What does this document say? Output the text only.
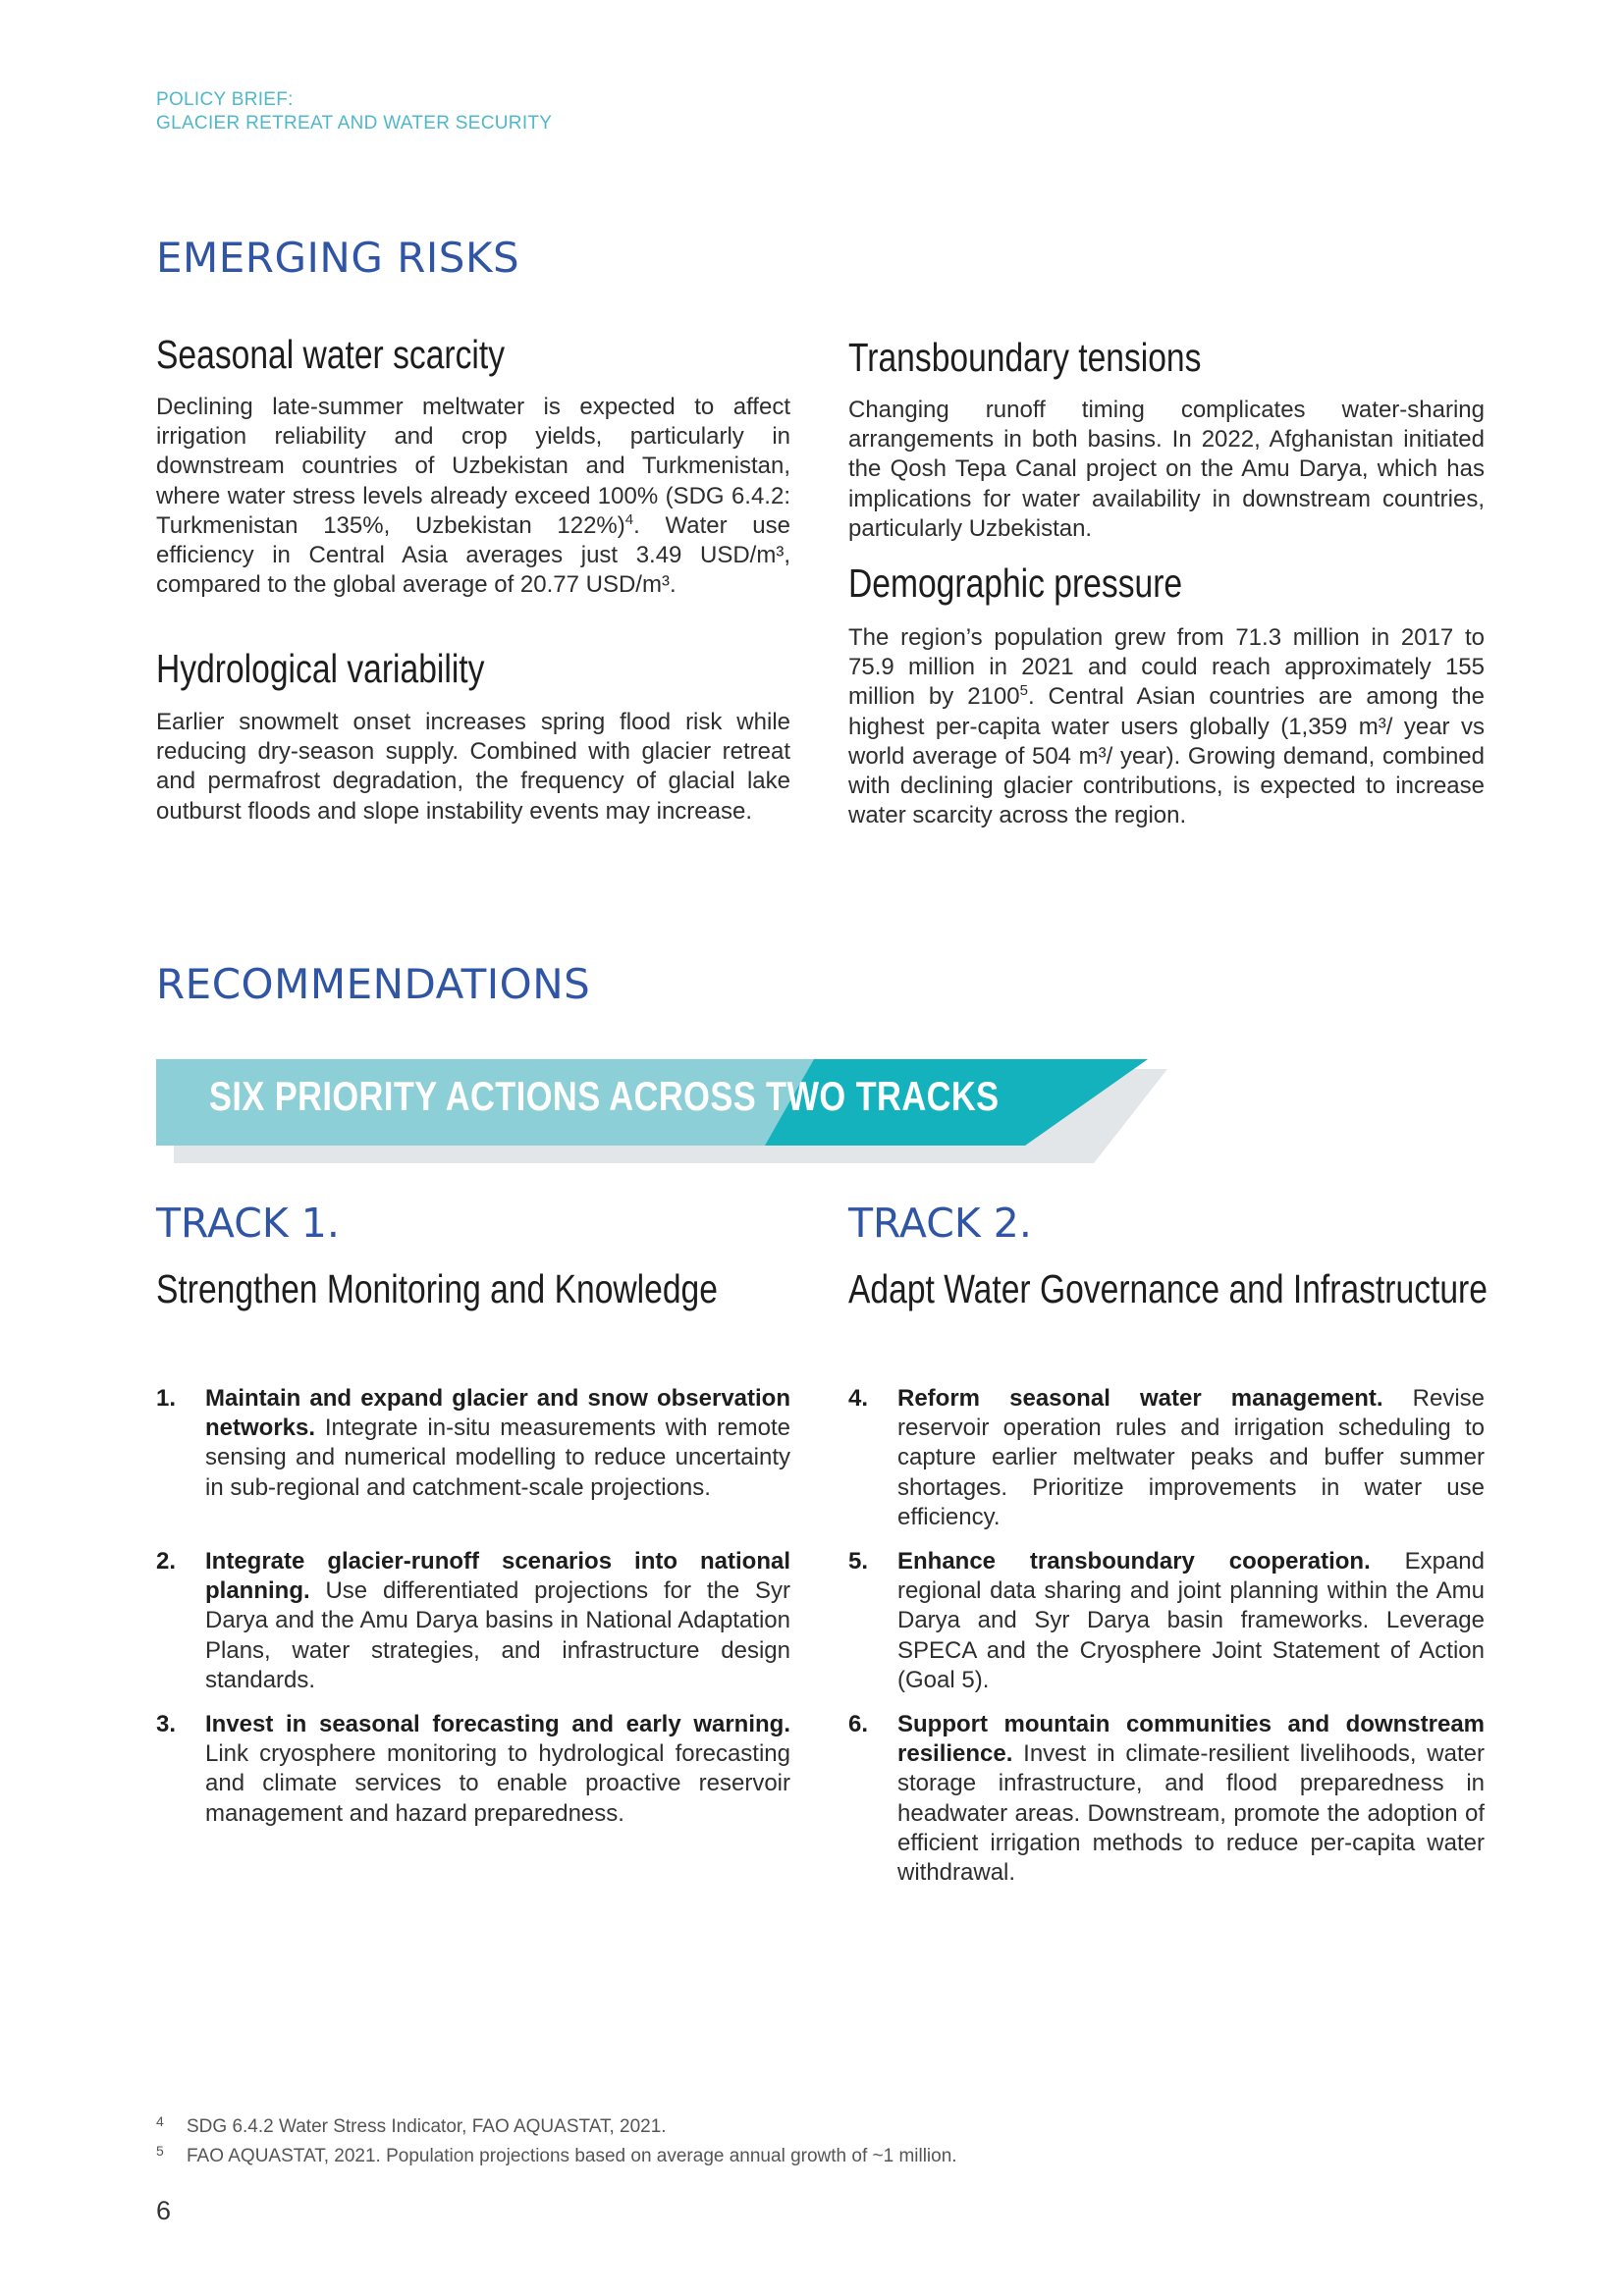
POLICY BRIEF:
GLACIER RETREAT AND WATER SECURITY
EMERGING RISKS
Seasonal water scarcity
Declining late-summer meltwater is expected to affect irrigation reliability and crop yields, particularly in downstream countries of Uzbekistan and Turkmenistan, where water stress levels already exceed 100% (SDG 6.4.2: Turkmenistan 135%, Uzbekistan 122%)$^4$. Water use efficiency in Central Asia averages just 3.49 USD/m³, compared to the global average of 20.77 USD/m³.
Hydrological variability
Earlier snowmelt onset increases spring flood risk while reducing dry-season supply. Combined with glacier retreat and permafrost degradation, the frequency of glacial lake outburst floods and slope instability events may increase.
Transboundary tensions
Changing runoff timing complicates water-sharing arrangements in both basins. In 2022, Afghanistan initiated the Qosh Tepa Canal project on the Amu Darya, which has implications for water availability in downstream countries, particularly Uzbekistan.
Demographic pressure
The region’s population grew from 71.3 million in 2017 to 75.9 million in 2021 and could reach approximately 155 million by 2100$^5$. Central Asian countries are among the highest per-capita water users globally (1,359 m³/ year vs world average of 504 m³/ year). Growing demand, combined with declining glacier contributions, is expected to increase water scarcity across the region.
RECOMMENDATIONS
SIX PRIORITY ACTIONS ACROSS TWO TRACKS
TRACK 1.
Strengthen Monitoring and Knowledge
1. Maintain and expand glacier and snow observation networks. Integrate in-situ measurements with remote sensing and numerical modelling to reduce uncertainty in sub-regional and catchment-scale projections.
2. Integrate glacier-runoff scenarios into national planning. Use differentiated projections for the Syr Darya and the Amu Darya basins in National Adaptation Plans, water strategies, and infrastructure design standards.
3. Invest in seasonal forecasting and early warning. Link cryosphere monitoring to hydrological forecasting and climate services to enable proactive reservoir management and hazard preparedness.
TRACK 2.
Adapt Water Governance and Infrastructure
4. Reform seasonal water management. Revise reservoir operation rules and irrigation scheduling to capture earlier meltwater peaks and buffer summer shortages. Prioritize improvements in water use efficiency.
5. Enhance transboundary cooperation. Expand regional data sharing and joint planning within the Amu Darya and Syr Darya basin frameworks. Leverage SPECA and the Cryosphere Joint Statement of Action (Goal 5).
6. Support mountain communities and downstream resilience. Invest in climate-resilient livelihoods, water storage infrastructure, and flood preparedness in headwater areas. Downstream, promote the adoption of efficient irrigation methods to reduce per-capita water withdrawal.
4 SDG 6.4.2 Water Stress Indicator, FAO AQUASTAT, 2021.
5 FAO AQUASTAT, 2021. Population projections based on average annual growth of ~1 million.
6
